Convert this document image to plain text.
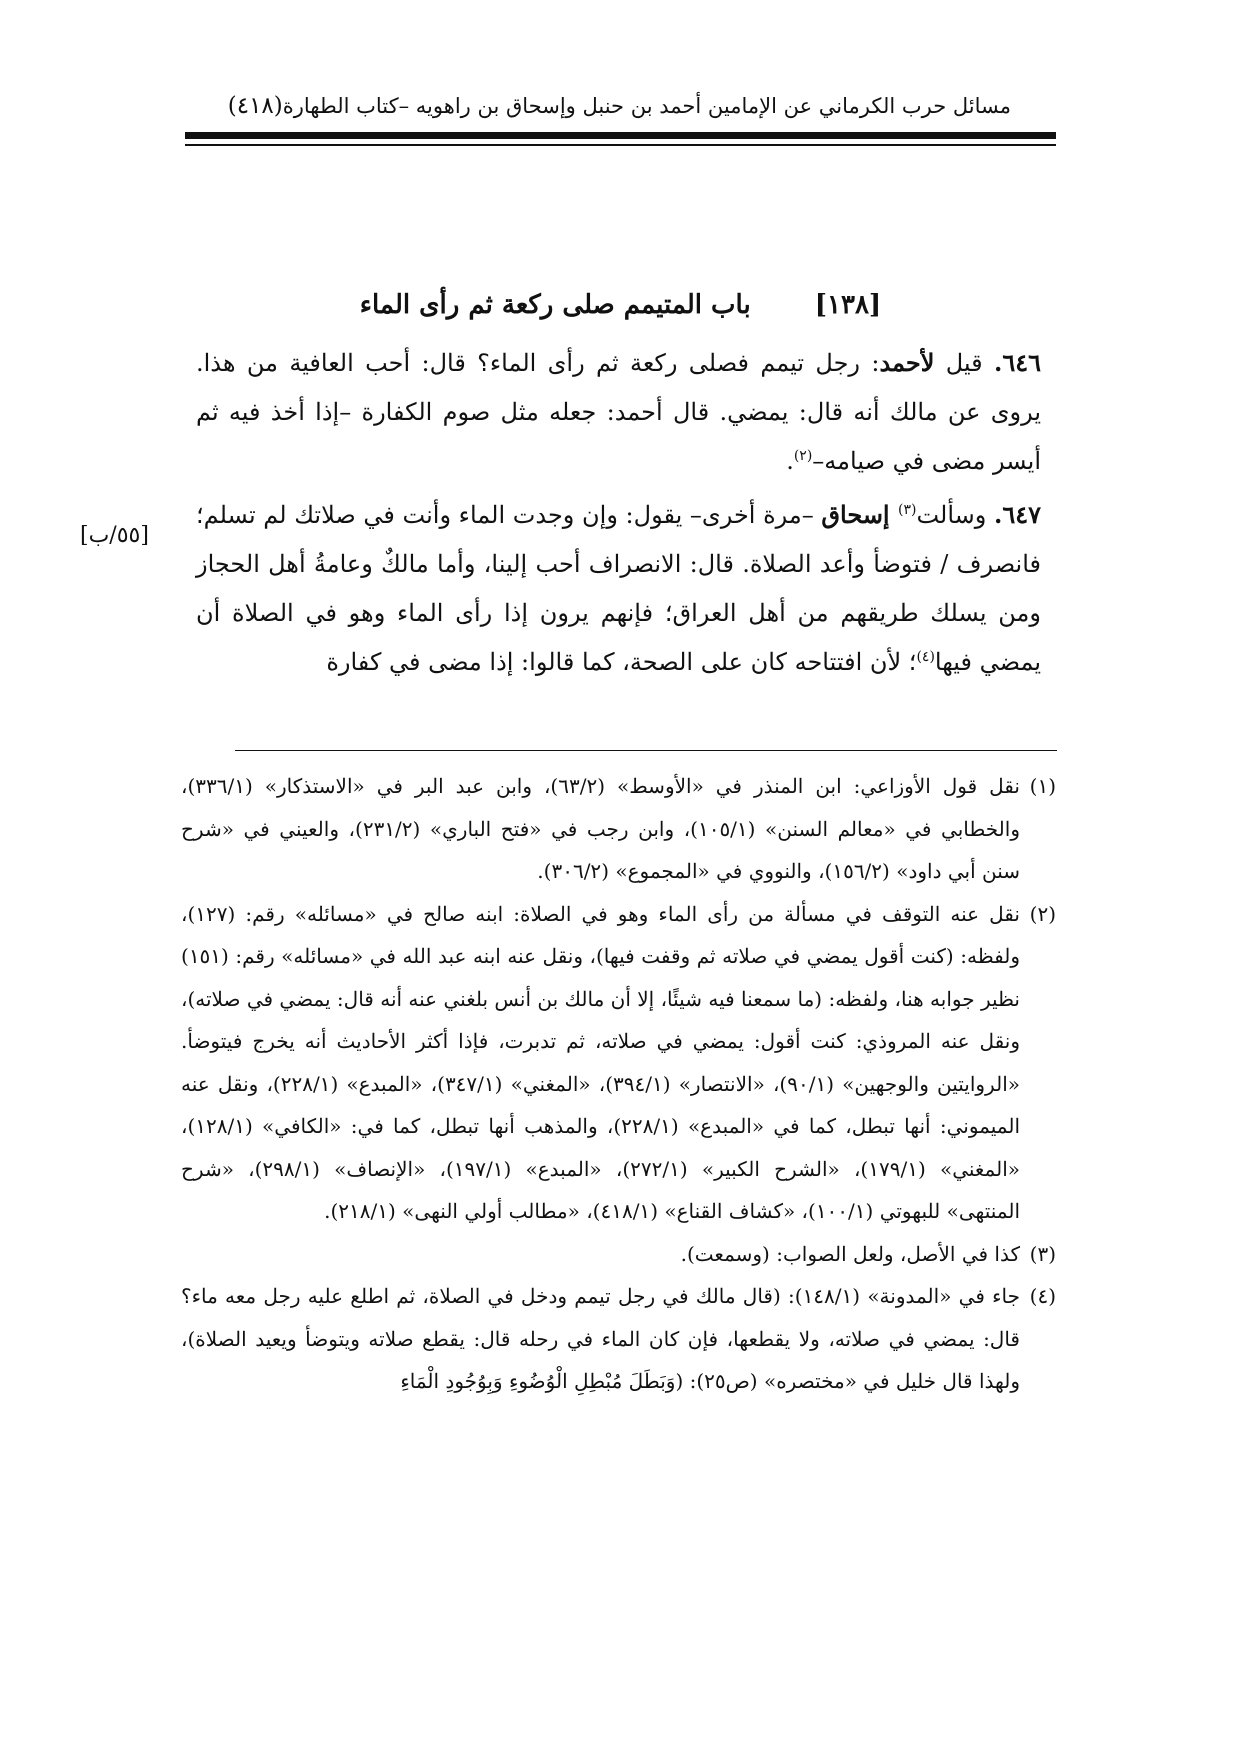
مسائل حرب الكرماني عن الإمامين أحمد بن حنبل وإسحاق بن راهويه –كتاب الطهارة
(٤١٨)
[١٣٨]
باب المتيمم صلى ركعة ثم رأى الماء

٦٤٦. قيل لأحمد: رجل تيمم فصلى ركعة ثم رأى الماء؟ قال: أحب العافية من هذا. يروى عن مالك أنه قال: يمضي. قال أحمد: جعله مثل صوم الكفارة –إذا أخذ فيه ثم أيسر مضى في صيامه–$^{(٢)}$.

٦٤٧. وسألت$^{(٣)}$ إسحاق –مرة أخرى– يقول: وإن وجدت الماء وأنت في صلاتك لم تسلم؛ فانصرف / فتوضأ وأعد الصلاة. قال: الانصراف أحب إلينا، وأما مالكٌ وعامةُ أهل الحجاز ومن يسلك طريقهم من أهل العراق؛ فإنهم يرون إذا رأى الماء وهو في الصلاة أن يمضي فيها$^{(٤)}$؛ لأن افتتاحه كان على الصحة، كما قالوا: إذا مضى في كفارة

[٥٥/ب]
(١)
نقل قول الأوزاعي: ابن المنذر في «الأوسط» (٦٣/٢)، وابن عبد البر في «الاستذكار» (٣٣٦/١)، والخطابي في «معالم السنن» (١٠٥/١)، وابن رجب في «فتح الباري» (٢٣١/٢)، والعيني في «شرح سنن أبي داود» (١٥٦/٢)، والنووي في «المجموع» (٣٠٦/٢).
(٢)
نقل عنه التوقف في مسألة من رأى الماء وهو في الصلاة: ابنه صالح في «مسائله» رقم: (١٢٧)، ولفظه: (كنت أقول يمضي في صلاته ثم وقفت فيها)، ونقل عنه ابنه عبد الله في «مسائله» رقم: (١٥١) نظير جوابه هنا، ولفظه: (ما سمعنا فيه شيئًا، إلا أن مالك بن أنس بلغني عنه أنه قال: يمضي في صلاته)، ونقل عنه المروذي: كنت أقول: يمضي في صلاته، ثم تدبرت، فإذا أكثر الأحاديث أنه يخرج فيتوضأ. «الروايتين والوجهين» (٩٠/١)، «الانتصار» (٣٩٤/١)، «المغني» (٣٤٧/١)، «المبدع» (٢٢٨/١)، ونقل عنه الميموني: أنها تبطل، كما في «المبدع» (٢٢٨/١)، والمذهب أنها تبطل، كما في: «الكافي» (١٢٨/١)، «المغني» (١٧٩/١)، «الشرح الكبير» (٢٧٢/١)، «المبدع» (١٩٧/١)، «الإنصاف» (٢٩٨/١)، «شرح المنتهى» للبهوتي (١٠٠/١)، «كشاف القناع» (٤١٨/١)، «مطالب أولي النهى» (٢١٨/١).
(٣)
كذا في الأصل، ولعل الصواب: (وسمعت).
(٤)
جاء في «المدونة» (١٤٨/١): (قال مالك في رجل تيمم ودخل في الصلاة، ثم اطلع عليه رجل معه ماء؟ قال: يمضي في صلاته، ولا يقطعها، فإن كان الماء في رحله قال: يقطع صلاته ويتوضأ ويعيد الصلاة)، ولهذا قال خليل في «مختصره» (ص٢٥): (وَبَطَلَ مُبْطِلِ الْوُضُوءِ وَبِوُجُودِ الْمَاءِ
